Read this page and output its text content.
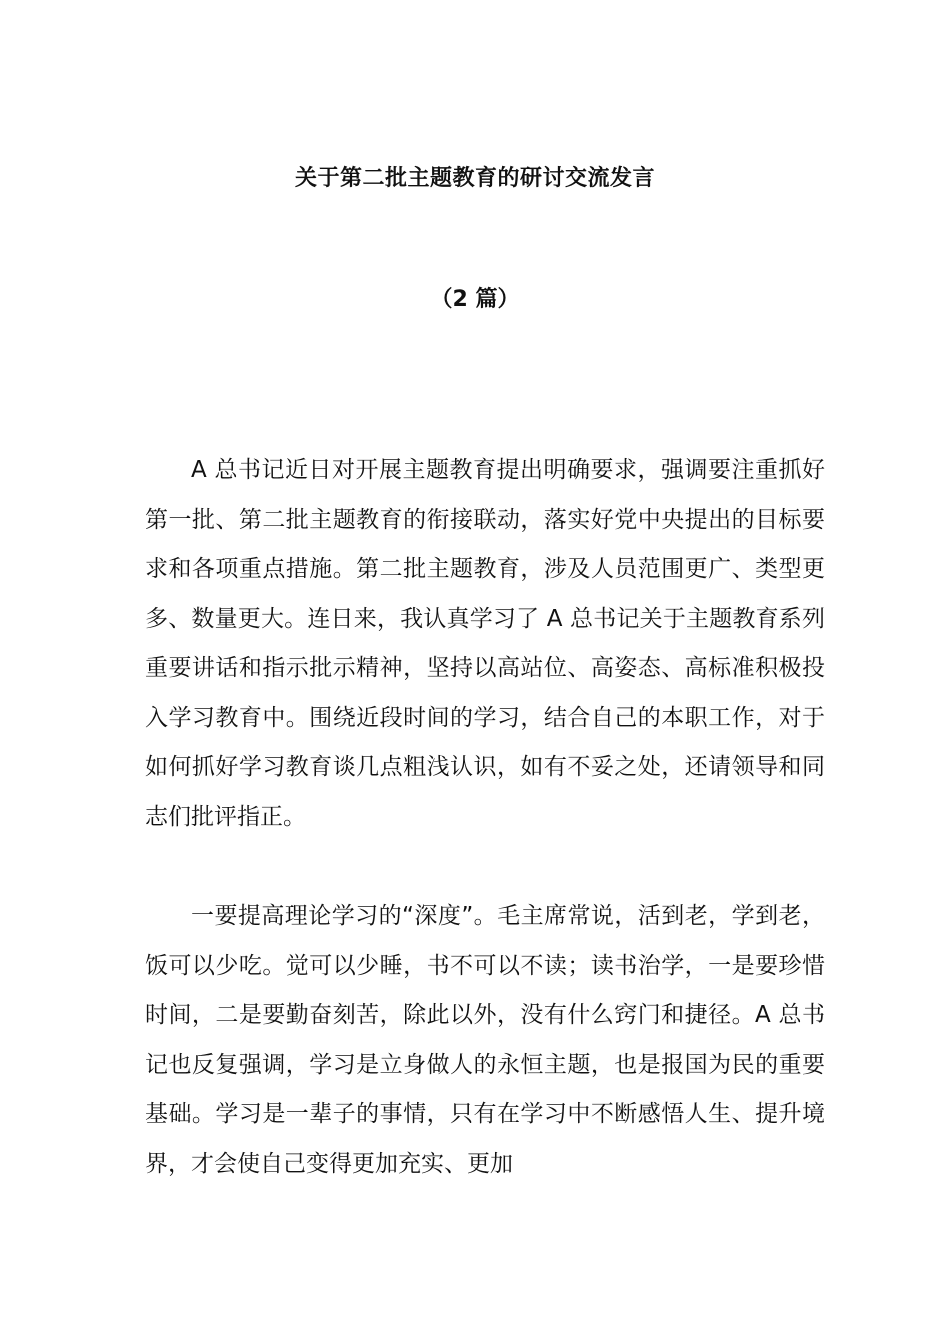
关于第二批主题教育的研讨交流发言
（2 篇）

A 总书记近日对开展主题教育提出明确要求，强调要注重抓好第一批、第二批主题教育的衔接联动，落实好党中央提出的目标要求和各项重点措施。第二批主题教育，涉及人员范围更广、类型更多、数量更大。连日来，我认真学习了 A 总书记关于主题教育系列重要讲话和指示批示精神，坚持以高站位、高姿态、高标准积极投入学习教育中。围绕近段时间的学习，结合自己的本职工作，对于如何抓好学习教育谈几点粗浅认识，如有不妥之处，还请领导和同志们批评指正。

一要提高理论学习的“深度”。毛主席常说，活到老，学到老，饭可以少吃。觉可以少睡，书不可以不读；读书治学，一是要珍惜时间，二是要勤奋刻苦，除此以外，没有什么窍门和捷径。A 总书记也反复强调，学习是立身做人的永恒主题，也是报国为民的重要基础。学习是一辈子的事情，只有在学习中不断感悟人生、提升境界，才会使自己变得更加充实、更加
